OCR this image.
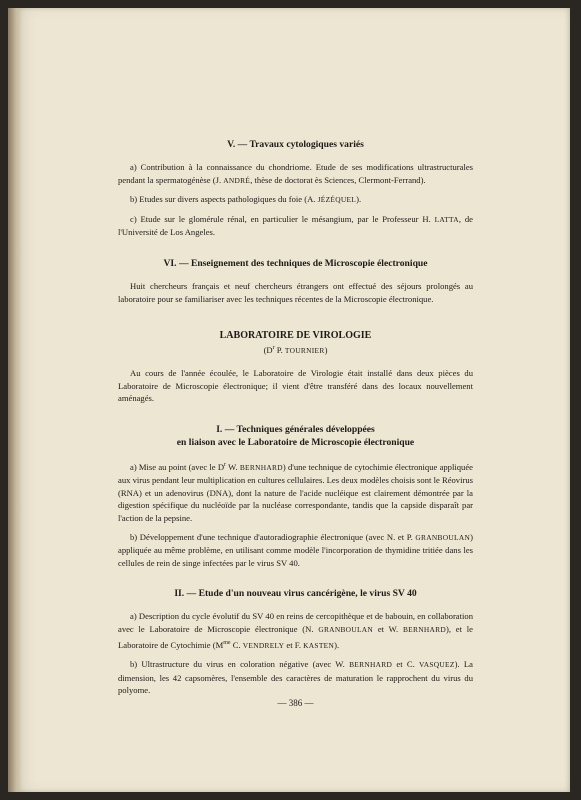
V. — Travaux cytologiques variés

a) Contribution à la connaissance du chondriome. Etude de ses modifications ultrastructurales pendant la spermatogénèse (J. ANDRÉ, thèse de doctorat ès Sciences, Clermont-Ferrand).

b) Etudes sur divers aspects pathologiques du foie (A. JÉZÉQUEL).

c) Etude sur le glomérule rénal, en particulier le mésangium, par le Professeur H. LATTA, de l'Université de Los Angeles.

VI. — Enseignement des techniques de Microscopie électronique

Huit chercheurs français et neuf chercheurs étrangers ont effectué des séjours prolongés au laboratoire pour se familiariser avec les techniques récentes de la Microscopie électronique.

LABORATOIRE DE VIROLOGIE
($D^r$ P. TOURNIER)

Au cours de l'année écoulée, le Laboratoire de Virologie était installé dans deux pièces du Laboratoire de Microscopie électronique; il vient d'être transféré dans des locaux nouvellement aménagés.

I. — Techniques générales développées
en liaison avec le Laboratoire de Microscopie électronique

a) Mise au point (avec le $D^r$ W. BERNHARD) d'une technique de cytochimie électronique appliquée aux virus pendant leur multiplication en cultures cellulaires. Les deux modèles choisis sont le Réovirus (RNA) et un adenovirus (DNA), dont la nature de l'acide nucléique est clairement démontrée par la digestion spécifique du nucléoïde par la nucléase correspondante, tandis que la capside disparaît par l'action de la pepsine.

b) Développement d'une technique d'autoradiographie électronique (avec N. et P. GRANBOULAN) appliquée au même problème, en utilisant comme modèle l'incorporation de thymidine tritiée dans les cellules de rein de singe infectées par le virus SV 40.

II. — Etude d'un nouveau virus cancérigène, le virus SV 40

a) Description du cycle évolutif du SV 40 en reins de cercopithèque et de babouin, en collaboration avec le Laboratoire de Microscopie électronique (N. GRANBOULAN et W. BERNHARD), et le Laboratoire de Cytochimie ($M^{me}$ C. VENDRELY et F. KASTEN).

b) Ultrastructure du virus en coloration négative (avec W. BERNHARD et C. VASQUEZ). La dimension, les 42 capsomères, l'ensemble des caractères de maturation le rapprochent du virus du polyome.

— 386 —
